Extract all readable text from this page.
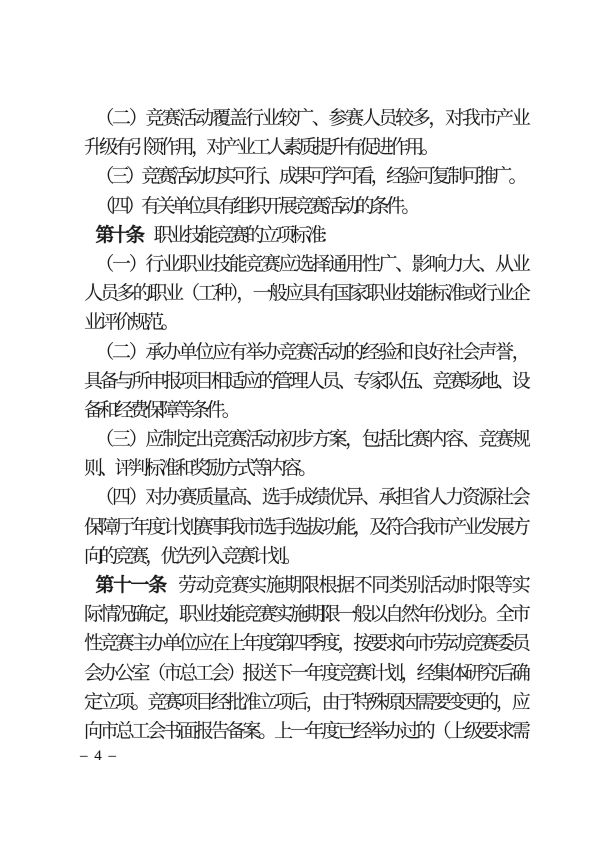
（二）竞赛活动覆盖行业较广、参赛人员较多，对我市产业
升级有引领作用，对产业工人素质提升有促进作用。
（三）竞赛活动切实可行、成果可学可看，经验可复制可推广。
（四）有关单位具有组织开展竞赛活动的条件。
第十条 职业技能竞赛的立项标准:
（一）行业职业技能竞赛应选择通用性广、影响力大、从业
人员多的职业（工种），一般应具有国家职业技能标准或行业企
业评价规范。
（二）承办单位应有举办竞赛活动的经验和良好社会声誉，
具备与所申报项目相适应的管理人员、专家队伍、竞赛场地、设
备和经费保障等条件。
（三）应制定出竞赛活动初步方案，包括比赛内容、竞赛规
则、评判标准和奖励方式等内容。
（四）对办赛质量高、选手成绩优异、承担省人力资源社会
保障厅年度计划赛事我市选手选拔功能，及符合我市产业发展方
向的竞赛，优先列入竞赛计划。
第十一条 劳动竞赛实施期限根据不同类别活动时限等实
际情况确定，职业技能竞赛实施期限一般以自然年份划分。全市
性竞赛主办单位应在上年度第四季度，按要求向市劳动竞赛委员
会办公室（市总工会）报送下一年度竞赛计划，经集体研究后确
定立项。竞赛项目经批准立项后，由于特殊原因需要变更的，应
向市总工会书面报告备案。上一年度已经举办过的（上级要求需
– 4 –
